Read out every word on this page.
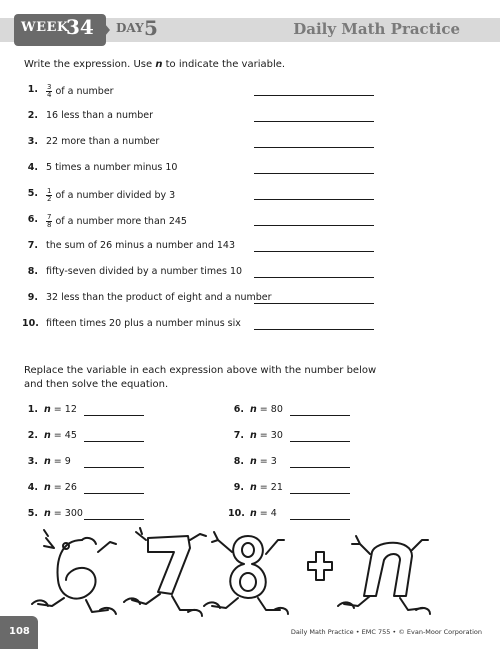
WEEK
34 DAY 5	Daily Math Practice
Write the expression. Use n to indicate the variable.
1. $\frac{3}{4}$ of a number
2. 16 less than a number
3. 22 more than a number
4. 5 times a number minus 10
5. $\frac{1}{2}$ of a number divided by 3
6. $\frac{7}{8}$ of a number more than 245
7. the sum of 26 minus a number and 143
8. fifty-seven divided by a number times 10
9. 32 less than the product of eight and a number
10. fifteen times 20 plus a number minus six
Replace the variable in each expression above with the number below and then solve the equation.
1. n = 12
2. n = 45
3. n = 9
4. n = 26
5. n = 300
6. n = 80
7. n = 30
8. n = 3
9. n = 21
10. n = 4
108	Daily Math Practice • EMC 755 • © Evan-Moor Corporation
